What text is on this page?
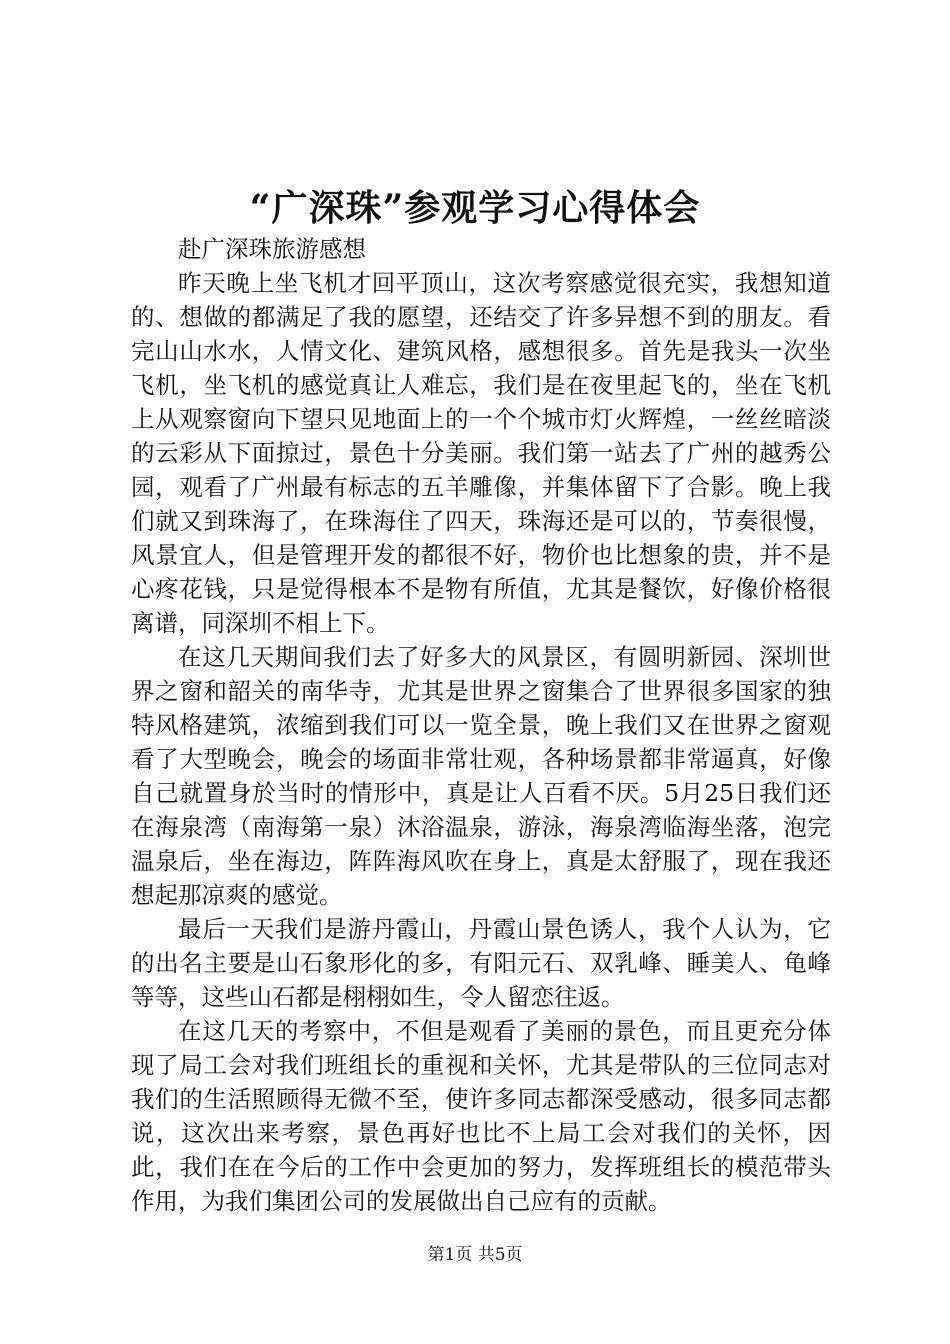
“广深珠”参观学习心得体会

赴广深珠旅游感想

昨天晚上坐飞机才回平顶山，这次考察感觉很充实，我想知道的、想做的都满足了我的愿望，还结交了许多异想不到的朋友。看完山山水水，人情文化、建筑风格，感想很多。首先是我头一次坐飞机，坐飞机的感觉真让人难忘，我们是在夜里起飞的，坐在飞机上从观察窗向下望只见地面上的一个个城市灯火辉煌，一丝丝暗淡的云彩从下面掠过，景色十分美丽。我们第一站去了广州的越秀公园，观看了广州最有标志的五羊雕像，并集体留下了合影。晚上我们就又到珠海了，在珠海住了四天，珠海还是可以的，节奏很慢，风景宜人，但是管理开发的都很不好，物价也比想象的贵，并不是心疼花钱，只是觉得根本不是物有所值，尤其是餐饮，好像价格很离谱，同深圳不相上下。

在这几天期间我们去了好多大的风景区，有圆明新园、深圳世界之窗和韶关的南华寺，尤其是世界之窗集合了世界很多国家的独特风格建筑，浓缩到我们可以一览全景，晚上我们又在世界之窗观看了大型晚会，晚会的场面非常壮观，各种场景都非常逼真，好像自己就置身於当时的情形中，真是让人百看不厌。5月25日我们还在海泉湾（南海第一泉）沐浴温泉，游泳，海泉湾临海坐落，泡完温泉后，坐在海边，阵阵海风吹在身上，真是太舒服了，现在我还想起那凉爽的感觉。

最后一天我们是游丹霞山，丹霞山景色诱人，我个人认为，它的出名主要是山石象形化的多，有阳元石、双乳峰、睡美人、龟峰等等，这些山石都是栩栩如生，令人留恋往返。

在这几天的考察中，不但是观看了美丽的景色，而且更充分体现了局工会对我们班组长的重视和关怀，尤其是带队的三位同志对我们的生活照顾得无微不至，使许多同志都深受感动，很多同志都说，这次出来考察，景色再好也比不上局工会对我们的关怀，因此，我们在在今后的工作中会更加的努力，发挥班组长的模范带头作用，为我们集团公司的发展做出自己应有的贡献。

第1页 共5页
